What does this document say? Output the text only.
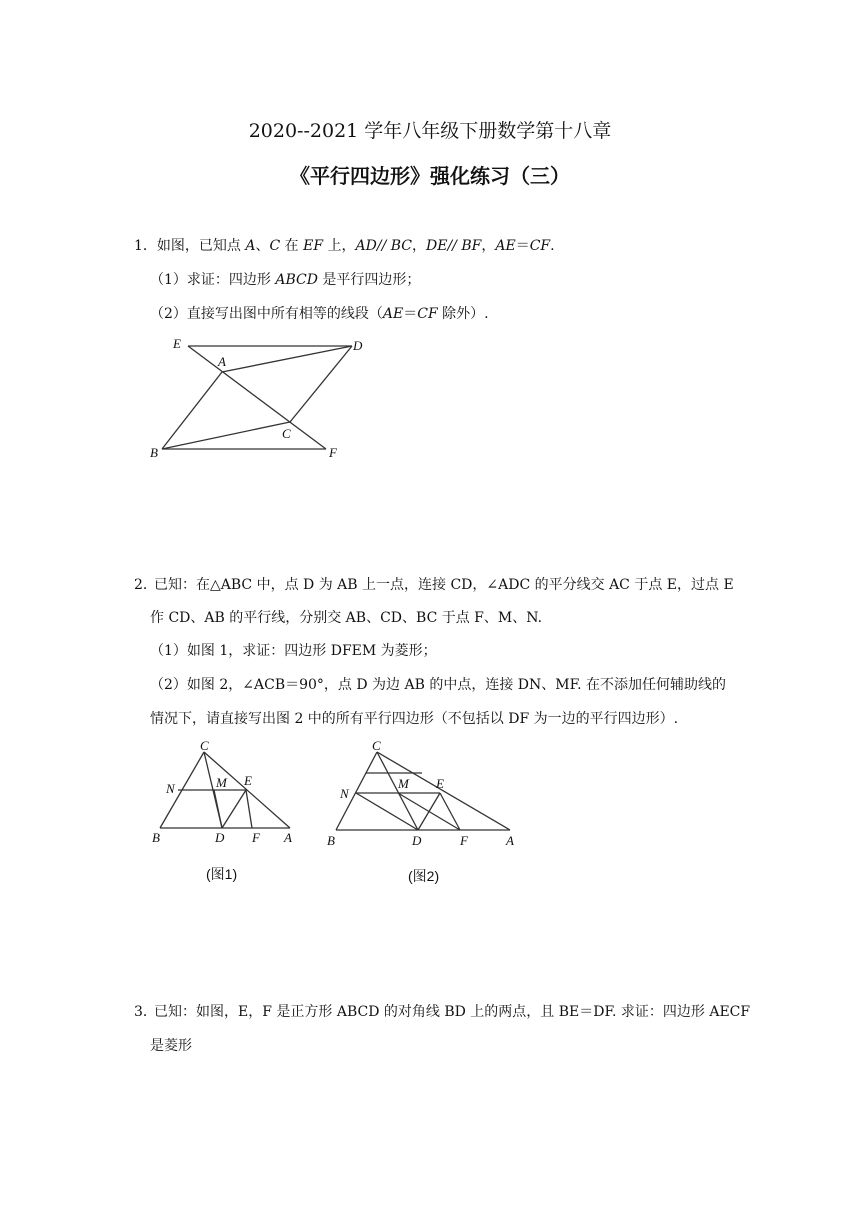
2020--2021 学年八年级下册数学第十八章
《平行四边形》强化练习（三）
1．如图，已知点 A、C 在 EF 上，AD// BC，DE// BF，AE＝CF.
（1）求证：四边形 ABCD 是平行四边形；
（2）直接写出图中所有相等的线段（AE＝CF 除外）.
E
A
D
B
C
F
2．
已知：在△ABC 中，点 D 为 AB 上一点，连接 CD，∠ADC 的平分线交 AC 于点 E，过点 E
作 CD、AB 的平行线，分别交 AB、CD、BC 于点 F、M、N.
（1）如图 1，求证：四边形 DFEM 为菱形；
（2）如图 2，∠ACB＝90°，点 D 为边 AB 的中点，连接 DN、MF. 在不添加任何辅助线的
情况下，请直接写出图 2 中的所有平行四边形（不包括以 DF 为一边的平行四边形）.
C
N	M E
B	D F A
(图1)
C
N
M E
B	D	F	A
(图2)
3．
已知：如图，E，F 是正方形 ABCD 的对角线 BD 上的两点，且 BE＝DF. 求证：四边形 AECF
是菱形
